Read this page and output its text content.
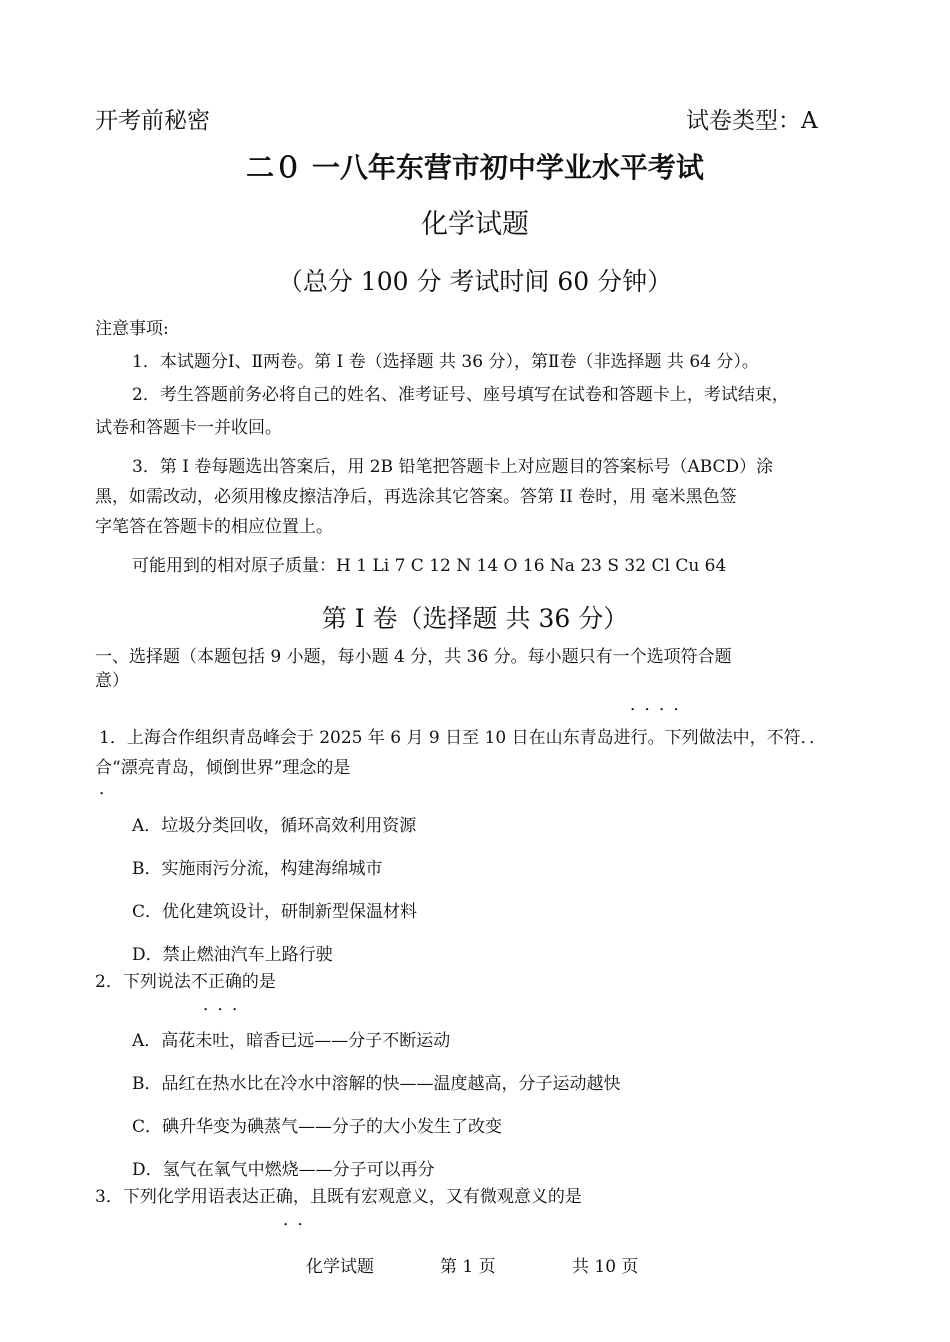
开考前秘密	试卷类型：A
二０ 一八年东营市初中学业水平考试
化学试题
（总分 100 分 考试时间 60 分钟）
注意事项:
1．本试题分Ⅰ、Ⅱ两卷。第 Ⅰ 卷（选择题 共 36 分），第Ⅱ卷（非选择题 共 64 分）。
2．考生答题前务必将自己的姓名、准考证号、座号填写在试卷和答题卡上，考试结束，
试卷和答题卡一并收回。
3．第 Ⅰ 卷每题选出答案后，用 2B 铅笔把答题卡上对应题目的答案标号（ABCD）涂
黑，如需改动，必须用橡皮擦洁净后，再选涂其它答案。答第 II 卷时，用 毫米黑色签
字笔答在答题卡的相应位置上。
可能用到的相对原子质量：H 1 Li 7 C 12 N 14 O 16 Na 23 S 32 Cl Cu 64
第 Ⅰ 卷（选择题 共 36 分）
一、选择题（本题包括 9 小题，每小题 4 分，共 36 分。每小题只有一个选项符合题
意）
．．．．
1．上海合作组织青岛峰会于 2025 年 6 月 9 日至 10 日在山东青岛进行。下列做法中，不符．．
合“漂亮青岛，倾倒世界”理念的是
．
A．垃圾分类回收，循环高效利用资源
B．实施雨污分流，构建海绵城市
C．优化建筑设计，研制新型保温材料
D．禁止燃油汽车上路行驶
2．下列说法不正确的是
．．．
A．高花未吐，暗香已远——分子不断运动
B．品红在热水比在冷水中溶解的快——温度越高，分子运动越快
C．碘升华变为碘蒸气——分子的大小发生了改变
D．氢气在氧气中燃烧——分子可以再分
3．下列化学用语表达正确，且既有宏观意义，又有微观意义的是
．．
化学试题	第 1 页	共 10 页
